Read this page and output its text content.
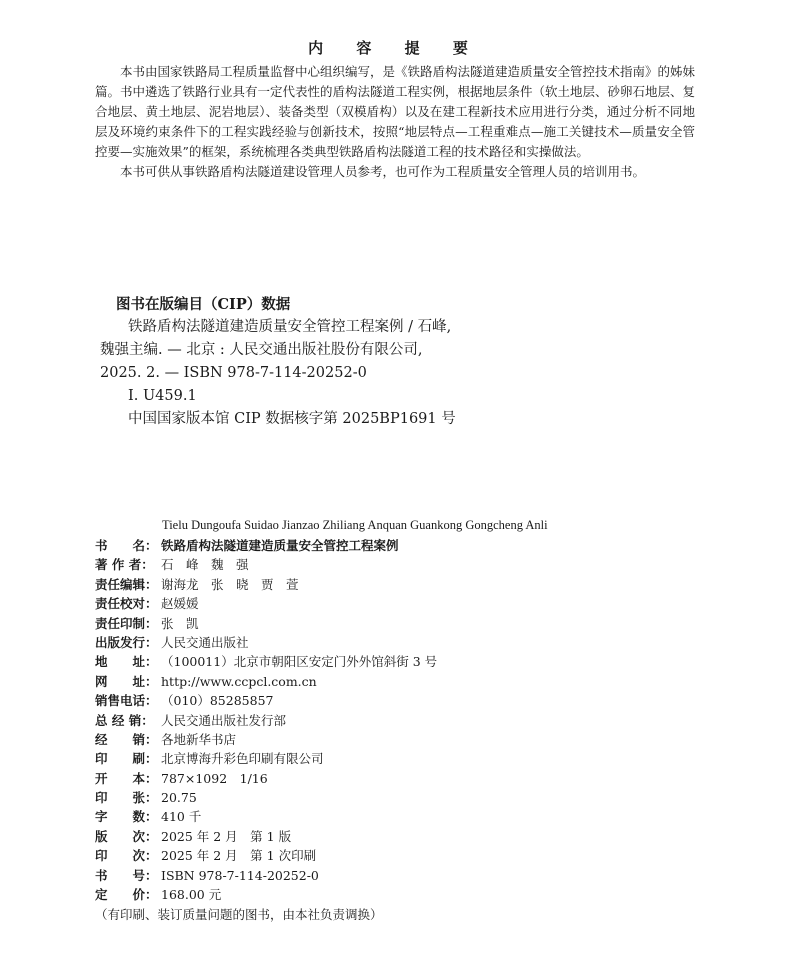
内 容 提 要

本书由国家铁路局工程质量监督中心组织编写，是《铁路盾构法隧道建造质量安全管控技术指南》的姊妹篇。书中遴选了铁路行业具有一定代表性的盾构法隧道工程实例，根据地层条件（软土地层、砂卵石地层、复合地层、黄土地层、泥岩地层）、装备类型（双模盾构）以及在建工程新技术应用进行分类，通过分析不同地层及环境约束条件下的工程实践经验与创新技术，按照“地层特点—工程重难点—施工关键技术—质量安全管控要—实施效果”的框架，系统梳理各类典型铁路盾构法隧道工程的技术路径和实操做法。

本书可供从事铁路盾构法隧道建设管理人员参考，也可作为工程质量安全管理人员的培训用书。

图书在版编目（CIP）数据
铁路盾构法隧道建造质量安全管控工程案例 / 石峰,
魏强主编. — 北京 : 人民交通出版社股份有限公司,
2025. 2. — ISBN 978-7-114-20252-0
Ⅰ. U459.1
中国国家版本馆 CIP 数据核字第 2025BP1691 号
Tielu Dungoufa Suidao Jianzao Zhiliang Anquan Guankong Gongcheng Anli
书　　名： 铁路盾构法隧道建造质量安全管控工程案例
著 作 者： 石　峰　魏　强
责任编辑： 谢海龙　张　晓　贾　萱
责任校对： 赵媛媛
责任印制： 张　凯
出版发行： 人民交通出版社
地　　址： （100011）北京市朝阳区安定门外外馆斜街 3 号
网　　址： http://www.ccpcl.com.cn
销售电话： （010）85285857
总 经 销： 人民交通出版社发行部
经　　销： 各地新华书店
印　　刷： 北京博海升彩色印刷有限公司
开　　本： 787×1092　1/16
印　　张： 20.75
字　　数： 410 千
版　　次： 2025 年 2 月　第 1 版
印　　次： 2025 年 2 月　第 1 次印刷
书　　号： ISBN 978-7-114-20252-0
定　　价： 168.00 元
（有印刷、装订质量问题的图书，由本社负责调换）
